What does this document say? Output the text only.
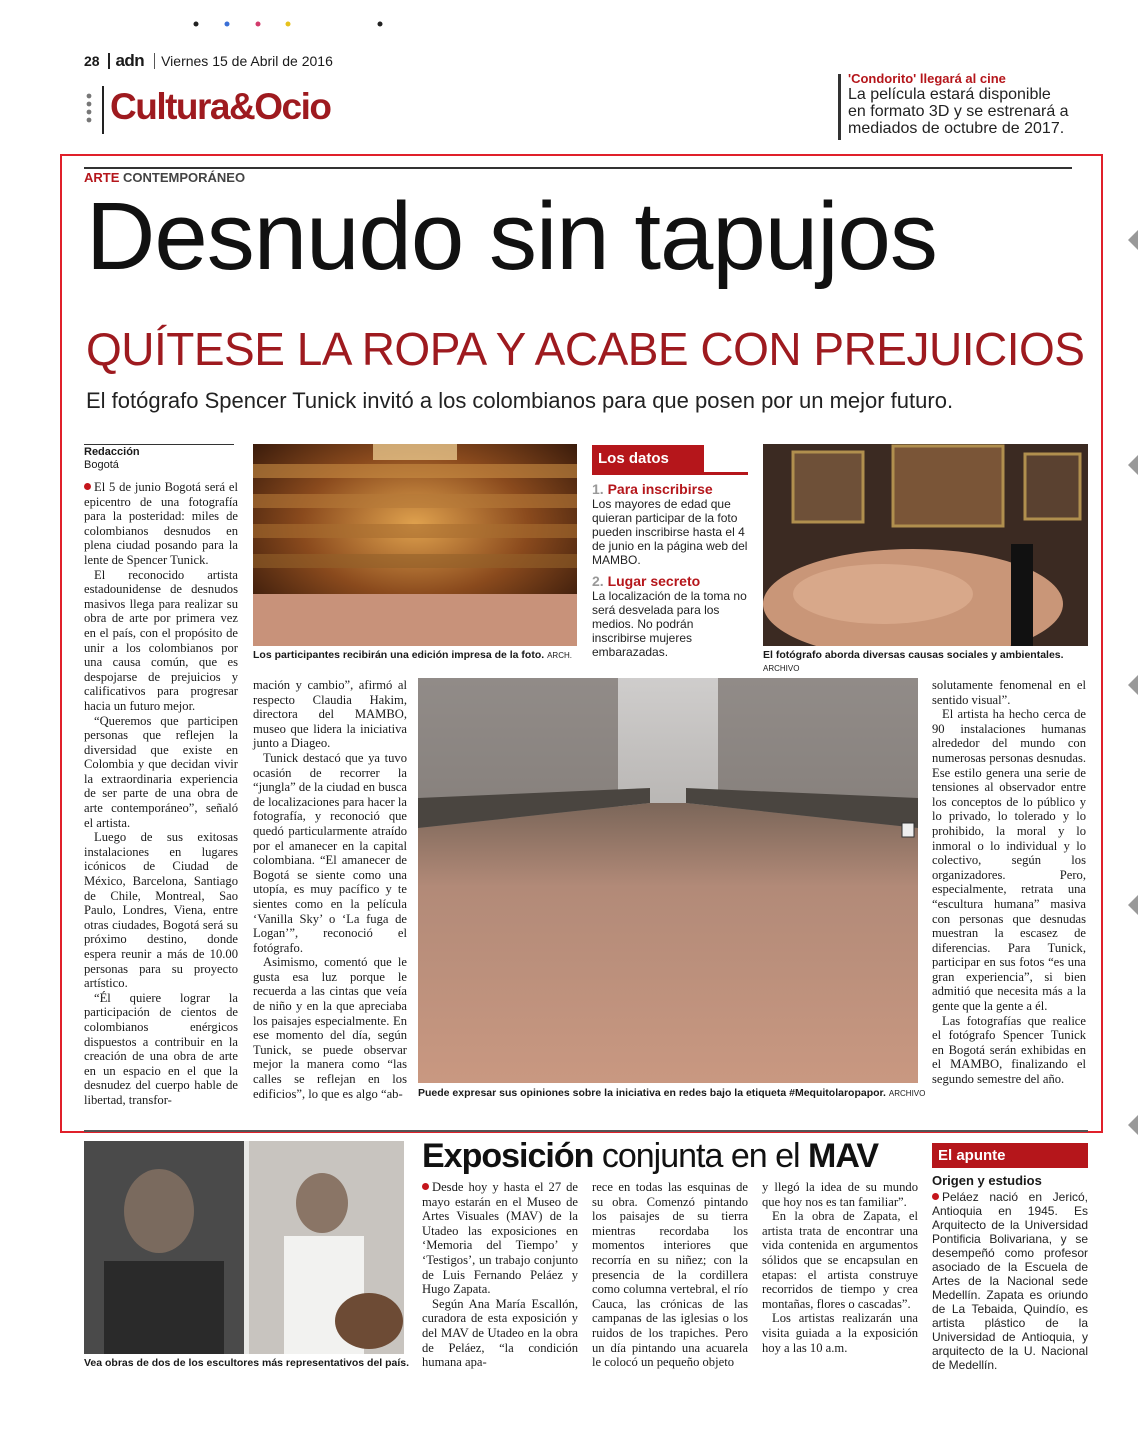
28 adn Viernes 15 de Abril de 2016
Cultura&Ocio
'Condorito' llegará al cine
La película estará disponible en formato 3D y se estrenará a mediados de octubre de 2017.
ARTE CONTEMPORÁNEO
Desnudo sin tapujos
QUÍTESE LA ROPA Y ACABE CON PREJUICIOS
El fotógrafo Spencer Tunick invitó a los colombianos para que posen por un mejor futuro.
Redacción
Bogotá

El 5 de junio Bogotá será el epicentro de una fotografía para la posteridad: miles de colombianos desnudos en plena ciudad posando para la lente de Spencer Tunick.

El reconocido artista estadounidense de desnudos masivos llega para realizar su obra de arte por primera vez en el país, con el propósito de unir a los colombianos por una causa común, que es despojarse de prejuicios y calificativos para progresar hacia un futuro mejor.

“Queremos que participen personas que reflejen la diversidad que existe en Colombia y que decidan vivir la extraordinaria experiencia de ser parte de una obra de arte contemporáneo”, señaló el artista.

Luego de sus exitosas instalaciones en lugares icónicos de Ciudad de México, Barcelona, Santiago de Chile, Montreal, Sao Paulo, Londres, Viena, entre otras ciudades, Bogotá será su próximo destino, donde espera reunir a más de 10.00 personas para su proyecto artístico.

“Él quiere lograr la participación de cientos de colombianos enérgicos dispuestos a contribuir en la creación de una obra de arte en un espacio en el que la desnudez del cuerpo hable de libertad, transfor-

Los participantes recibirán una edición impresa de la foto. ARCH.
Los datos
1. Para inscribirse
Los mayores de edad que quieran participar de la foto pueden inscribirse hasta el 4 de junio en la página web del MAMBO.
2. Lugar secreto
La localización de la toma no será desvelada para los medios. No podrán inscribirse mujeres embarazadas.	El fotógrafo aborda diversas causas sociales y ambientales. ARCHIVO

mación y cambio”, afirmó al respecto Claudia Hakim, directora del MAMBO, museo que lidera la iniciativa junto a Diageo.

Tunick destacó que ya tuvo ocasión de recorrer la “jungla” de la ciudad en busca de localizaciones para hacer la fotografía, y reconoció que quedó particularmente atraído por el amanecer en la capital colombiana. “El amanecer de Bogotá se siente como una utopía, es muy pacífico y te sientes como en la película ‘Vanilla Sky’ o ‘La fuga de Logan’”, reconoció el fotógrafo.

Asimismo, comentó que le gusta esa luz porque le recuerda a las cintas que veía de niño y en la que apreciaba los paisajes especialmente. En ese momento del día, según Tunick, se puede observar mejor la manera como “las calles se reflejan en los edificios”, lo que es algo “ab-	Puede expresar sus opiniones sobre la iniciativa en redes bajo la etiqueta #Mequitolaropapor. ARCHIVO

solutamente fenomenal en el sentido visual”.

El artista ha hecho cerca de 90 instalaciones humanas alrededor del mundo con numerosas personas desnudas. Ese estilo genera una serie de tensiones al observador entre los conceptos de lo público y lo privado, lo tolerado y lo prohibido, la moral y lo inmoral o lo individual y lo colectivo, según los organizadores. Pero, especialmente, retrata una “escultura humana” masiva con personas que desnudas muestran la escasez de diferencias. Para Tunick, participar en sus fotos “es una gran experiencia”, si bien admitió que necesita más a la gente que la gente a él.

Las fotografías que realice el fotógrafo Spencer Tunick en Bogotá serán exhibidas en el MAMBO, finalizando el segundo semestre del año.

Vea obras de dos de los escultores más representativos del país.
Exposición conjunta en el MAV

Desde hoy y hasta el 27 de mayo estarán en el Museo de Artes Visuales (MAV) de la Utadeo las exposiciones en ‘Memoria del Tiempo’ y ‘Testigos’, un trabajo conjunto de Luis Fernando Peláez y Hugo Zapata.

Según Ana María Escallón, curadora de esta exposición y del MAV de Utadeo en la obra de Peláez, “la condición humana apa-

rece en todas las esquinas de su obra. Comenzó pintando los paisajes de su tierra mientras recordaba los momentos interiores que recorría en su niñez; con la presencia de la cordillera como columna vertebral, el río Cauca, las crónicas de las campanas de las iglesias o los ruidos de los trapiches. Pero un día pintando una acuarela le colocó un pequeño objeto

y llegó la idea de su mundo que hoy nos es tan familiar”.

En la obra de Zapata, el artista trata de encontrar una vida contenida en argumentos sólidos que se encapsulan en etapas: el artista construye recorridos de tiempo y crea montañas, flores o cascadas”.

Los artistas realizarán una visita guiada a la exposición hoy a las 10 a.m.

El apunte
Origen y estudios
Peláez nació en Jericó, Antioquia en 1945. Es Arquitecto de la Universidad Pontificia Bolivariana, y se desempeñó como profesor asociado de la Escuela de Artes de la Nacional sede Medellín. Zapata es oriundo de La Tebaida, Quindío, es artista plástico de la Universidad de Antioquia, y arquitecto de la U. Nacional de Medellín.
